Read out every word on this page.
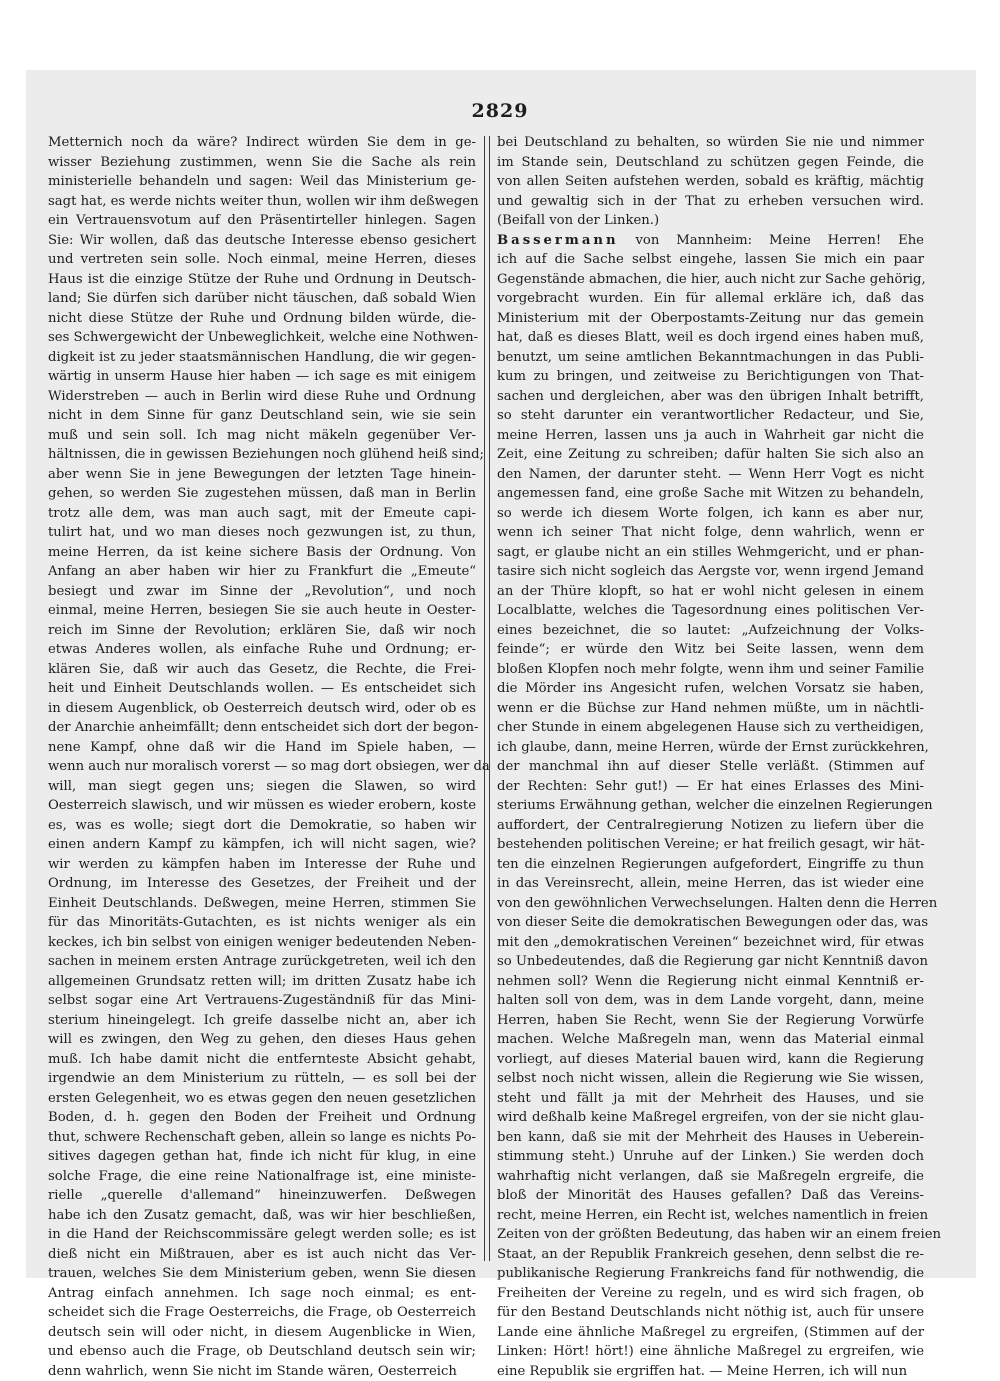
2829
Metternich noch da wäre? Indirect würden Sie dem in ge-
wisser Beziehung zustimmen, wenn Sie die Sache als rein
ministerielle behandeln und sagen: Weil das Ministerium ge-
sagt hat, es werde nichts weiter thun, wollen wir ihm deßwegen
ein Vertrauensvotum auf den Präsentirteller hinlegen. Sagen
Sie: Wir wollen, daß das deutsche Interesse ebenso gesichert
und vertreten sein solle. Noch einmal, meine Herren, dieses
Haus ist die einzige Stütze der Ruhe und Ordnung in Deutsch-
land; Sie dürfen sich darüber nicht täuschen, daß sobald Wien
nicht diese Stütze der Ruhe und Ordnung bilden würde, die-
ses Schwergewicht der Unbeweglichkeit, welche eine Nothwen-
digkeit ist zu jeder staatsmännischen Handlung, die wir gegen-
wärtig in unserm Hause hier haben — ich sage es mit einigem
Widerstreben — auch in Berlin wird diese Ruhe und Ordnung
nicht in dem Sinne für ganz Deutschland sein, wie sie sein
muß und sein soll. Ich mag nicht mäkeln gegenüber Ver-
hältnissen, die in gewissen Beziehungen noch glühend heiß sind;
aber wenn Sie in jene Bewegungen der letzten Tage hinein-
gehen, so werden Sie zugestehen müssen, daß man in Berlin
trotz alle dem, was man auch sagt, mit der Emeute capi-
tulirt hat, und wo man dieses noch gezwungen ist, zu thun,
meine Herren, da ist keine sichere Basis der Ordnung. Von
Anfang an aber haben wir hier zu Frankfurt die „Emeute“
besiegt und zwar im Sinne der „Revolution“, und noch
einmal, meine Herren, besiegen Sie sie auch heute in Oester-
reich im Sinne der Revolution; erklären Sie, daß wir noch
etwas Anderes wollen, als einfache Ruhe und Ordnung; er-
klären Sie, daß wir auch das Gesetz, die Rechte, die Frei-
heit und Einheit Deutschlands wollen. — Es entscheidet sich
in diesem Augenblick, ob Oesterreich deutsch wird, oder ob es
der Anarchie anheimfällt; denn entscheidet sich dort der begon-
nene Kampf, ohne daß wir die Hand im Spiele haben, —
wenn auch nur moralisch vorerst — so mag dort obsiegen, wer da
will, man siegt gegen uns; siegen die Slawen, so wird
Oesterreich slawisch, und wir müssen es wieder erobern, koste
es, was es wolle; siegt dort die Demokratie, so haben wir
einen andern Kampf zu kämpfen, ich will nicht sagen, wie?
wir werden zu kämpfen haben im Interesse der Ruhe und
Ordnung, im Interesse des Gesetzes, der Freiheit und der
Einheit Deutschlands. Deßwegen, meine Herren, stimmen Sie
für das Minoritäts-Gutachten, es ist nichts weniger als ein
keckes, ich bin selbst von einigen weniger bedeutenden Neben-
sachen in meinem ersten Antrage zurückgetreten, weil ich den
allgemeinen Grundsatz retten will; im dritten Zusatz habe ich
selbst sogar eine Art Vertrauens-Zugeständniß für das Mini-
sterium hineingelegt. Ich greife dasselbe nicht an, aber ich
will es zwingen, den Weg zu gehen, den dieses Haus gehen
muß. Ich habe damit nicht die entfernteste Absicht gehabt,
irgendwie an dem Ministerium zu rütteln, — es soll bei der
ersten Gelegenheit, wo es etwas gegen den neuen gesetzlichen
Boden, d. h. gegen den Boden der Freiheit und Ordnung
thut, schwere Rechenschaft geben, allein so lange es nichts Po-
sitives dagegen gethan hat, finde ich nicht für klug, in eine
solche Frage, die eine reine Nationalfrage ist, eine ministe-
rielle „querelle d'allemand“ hineinzuwerfen. Deßwegen
habe ich den Zusatz gemacht, daß, was wir hier beschließen,
in die Hand der Reichscommissäre gelegt werden solle; es ist
dieß nicht ein Mißtrauen, aber es ist auch nicht das Ver-
trauen, welches Sie dem Ministerium geben, wenn Sie diesen
Antrag einfach annehmen. Ich sage noch einmal; es ent-
scheidet sich die Frage Oesterreichs, die Frage, ob Oesterreich
deutsch sein will oder nicht, in diesem Augenblicke in Wien,
und ebenso auch die Frage, ob Deutschland deutsch sein wir;
denn wahrlich, wenn Sie nicht im Stande wären, Oesterreich
bei Deutschland zu behalten, so würden Sie nie und nimmer
im Stande sein, Deutschland zu schützen gegen Feinde, die
von allen Seiten aufstehen werden, sobald es kräftig, mächtig
und gewaltig sich in der That zu erheben versuchen wird.
(Beifall von der Linken.)
Bassermann von Mannheim: Meine Herren! Ehe
ich auf die Sache selbst eingehe, lassen Sie mich ein paar
Gegenstände abmachen, die hier, auch nicht zur Sache gehörig,
vorgebracht wurden. Ein für allemal erkläre ich, daß das
Ministerium mit der Oberpostamts-Zeitung nur das gemein
hat, daß es dieses Blatt, weil es doch irgend eines haben muß,
benutzt, um seine amtlichen Bekanntmachungen in das Publi-
kum zu bringen, und zeitweise zu Berichtigungen von That-
sachen und dergleichen, aber was den übrigen Inhalt betrifft,
so steht darunter ein verantwortlicher Redacteur, und Sie,
meine Herren, lassen uns ja auch in Wahrheit gar nicht die
Zeit, eine Zeitung zu schreiben; dafür halten Sie sich also an
den Namen, der darunter steht. — Wenn Herr Vogt es nicht
angemessen fand, eine große Sache mit Witzen zu behandeln,
so werde ich diesem Worte folgen, ich kann es aber nur,
wenn ich seiner That nicht folge, denn wahrlich, wenn er
sagt, er glaube nicht an ein stilles Wehmgericht, und er phan-
tasire sich nicht sogleich das Aergste vor, wenn irgend Jemand
an der Thüre klopft, so hat er wohl nicht gelesen in einem
Localblatte, welches die Tagesordnung eines politischen Ver-
eines bezeichnet, die so lautet: „Aufzeichnung der Volks-
feinde“; er würde den Witz bei Seite lassen, wenn dem
bloßen Klopfen noch mehr folgte, wenn ihm und seiner Familie
die Mörder ins Angesicht rufen, welchen Vorsatz sie haben,
wenn er die Büchse zur Hand nehmen müßte, um in nächtli-
cher Stunde in einem abgelegenen Hause sich zu vertheidigen,
ich glaube, dann, meine Herren, würde der Ernst zurückkehren,
der manchmal ihn auf dieser Stelle verläßt. (Stimmen auf
der Rechten: Sehr gut!) — Er hat eines Erlasses des Mini-
steriums Erwähnung gethan, welcher die einzelnen Regierungen
auffordert, der Centralregierung Notizen zu liefern über die
bestehenden politischen Vereine; er hat freilich gesagt, wir hät-
ten die einzelnen Regierungen aufgefordert, Eingriffe zu thun
in das Vereinsrecht, allein, meine Herren, das ist wieder eine
von den gewöhnlichen Verwechselungen. Halten denn die Herren
von dieser Seite die demokratischen Bewegungen oder das, was
mit den „demokratischen Vereinen“ bezeichnet wird, für etwas
so Unbedeutendes, daß die Regierung gar nicht Kenntniß davon
nehmen soll? Wenn die Regierung nicht einmal Kenntniß er-
halten soll von dem, was in dem Lande vorgeht, dann, meine
Herren, haben Sie Recht, wenn Sie der Regierung Vorwürfe
machen. Welche Maßregeln man, wenn das Material einmal
vorliegt, auf dieses Material bauen wird, kann die Regierung
selbst noch nicht wissen, allein die Regierung wie Sie wissen,
steht und fällt ja mit der Mehrheit des Hauses, und sie
wird deßhalb keine Maßregel ergreifen, von der sie nicht glau-
ben kann, daß sie mit der Mehrheit des Hauses in Ueberein-
stimmung steht.) Unruhe auf der Linken.) Sie werden doch
wahrhaftig nicht verlangen, daß sie Maßregeln ergreife, die
bloß der Minorität des Hauses gefallen? Daß das Vereins-
recht, meine Herren, ein Recht ist, welches namentlich in freien
Zeiten von der größten Bedeutung, das haben wir an einem freien
Staat, an der Republik Frankreich gesehen, denn selbst die re-
publikanische Regierung Frankreichs fand für nothwendig, die
Freiheiten der Vereine zu regeln, und es wird sich fragen, ob
für den Bestand Deutschlands nicht nöthig ist, auch für unsere
Lande eine ähnliche Maßregel zu ergreifen, (Stimmen auf der
Linken: Hört! hört!) eine ähnliche Maßregel zu ergreifen, wie
eine Republik sie ergriffen hat. — Meine Herren, ich will nun
